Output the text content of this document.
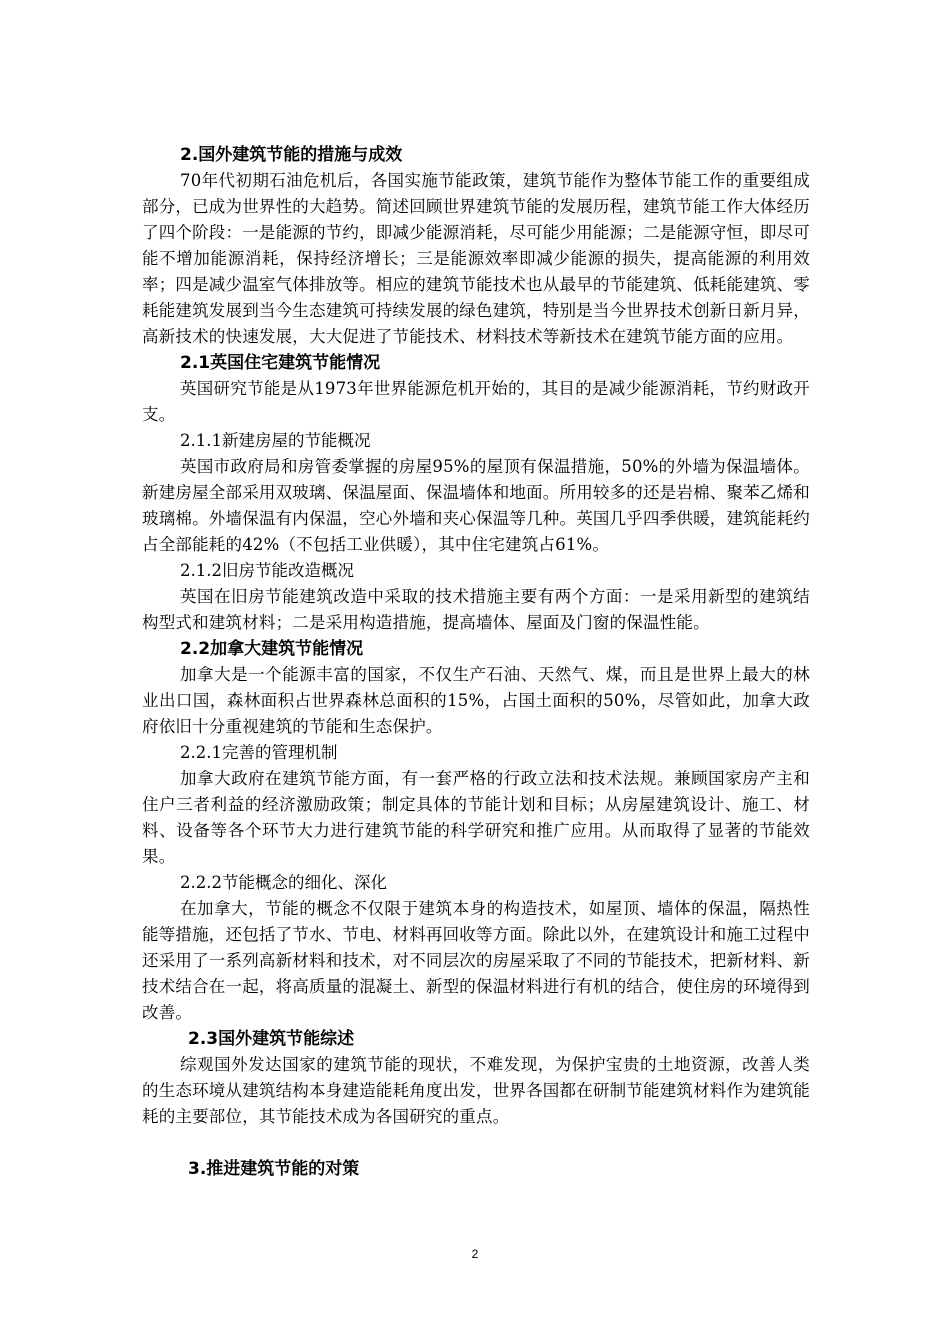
2.国外建筑节能的措施与成效

70年代初期石油危机后，各国实施节能政策，建筑节能作为整体节能工作的重要组成部分，已成为世界性的大趋势。简述回顾世界建筑节能的发展历程，建筑节能工作大体经历了四个阶段：一是能源的节约，即减少能源消耗，尽可能少用能源；二是能源守恒，即尽可能不增加能源消耗，保持经济增长；三是能源效率即减少能源的损失，提高能源的利用效率；四是减少温室气体排放等。相应的建筑节能技术也从最早的节能建筑、低耗能建筑、零耗能建筑发展到当今生态建筑可持续发展的绿色建筑，特别是当今世界技术创新日新月异，高新技术的快速发展，大大促进了节能技术、材料技术等新技术在建筑节能方面的应用。

2.1英国住宅建筑节能情况

英国研究节能是从1973年世界能源危机开始的，其目的是减少能源消耗，节约财政开支。

2.1.1新建房屋的节能概况

英国市政府局和房管委掌握的房屋95%的屋顶有保温措施，50%的外墙为保温墙体。新建房屋全部采用双玻璃、保温屋面、保温墙体和地面。所用较多的还是岩棉、聚苯乙烯和玻璃棉。外墙保温有内保温，空心外墙和夹心保温等几种。英国几乎四季供暖，建筑能耗约占全部能耗的42%（不包括工业供暖），其中住宅建筑占61%。

2.1.2旧房节能改造概况

英国在旧房节能建筑改造中采取的技术措施主要有两个方面：一是采用新型的建筑结构型式和建筑材料；二是采用构造措施，提高墙体、屋面及门窗的保温性能。

2.2加拿大建筑节能情况

加拿大是一个能源丰富的国家，不仅生产石油、天然气、煤，而且是世界上最大的林业出口国，森林面积占世界森林总面积的15%，占国土面积的50%，尽管如此，加拿大政府依旧十分重视建筑的节能和生态保护。

2.2.1完善的管理机制

加拿大政府在建筑节能方面，有一套严格的行政立法和技术法规。兼顾国家房产主和住户三者利益的经济激励政策；制定具体的节能计划和目标；从房屋建筑设计、施工、材料、设备等各个环节大力进行建筑节能的科学研究和推广应用。从而取得了显著的节能效果。

2.2.2节能概念的细化、深化

在加拿大，节能的概念不仅限于建筑本身的构造技术，如屋顶、墙体的保温，隔热性能等措施，还包括了节水、节电、材料再回收等方面。除此以外，在建筑设计和施工过程中还采用了一系列高新材料和技术，对不同层次的房屋采取了不同的节能技术，把新材料、新技术结合在一起，将高质量的混凝土、新型的保温材料进行有机的结合，使住房的环境得到改善。

2.3国外建筑节能综述

综观国外发达国家的建筑节能的现状，不难发现，为保护宝贵的土地资源，改善人类的生态环境从建筑结构本身建造能耗角度出发，世界各国都在研制节能建筑材料作为建筑能耗的主要部位，其节能技术成为各国研究的重点。

3.推进建筑节能的对策
2
